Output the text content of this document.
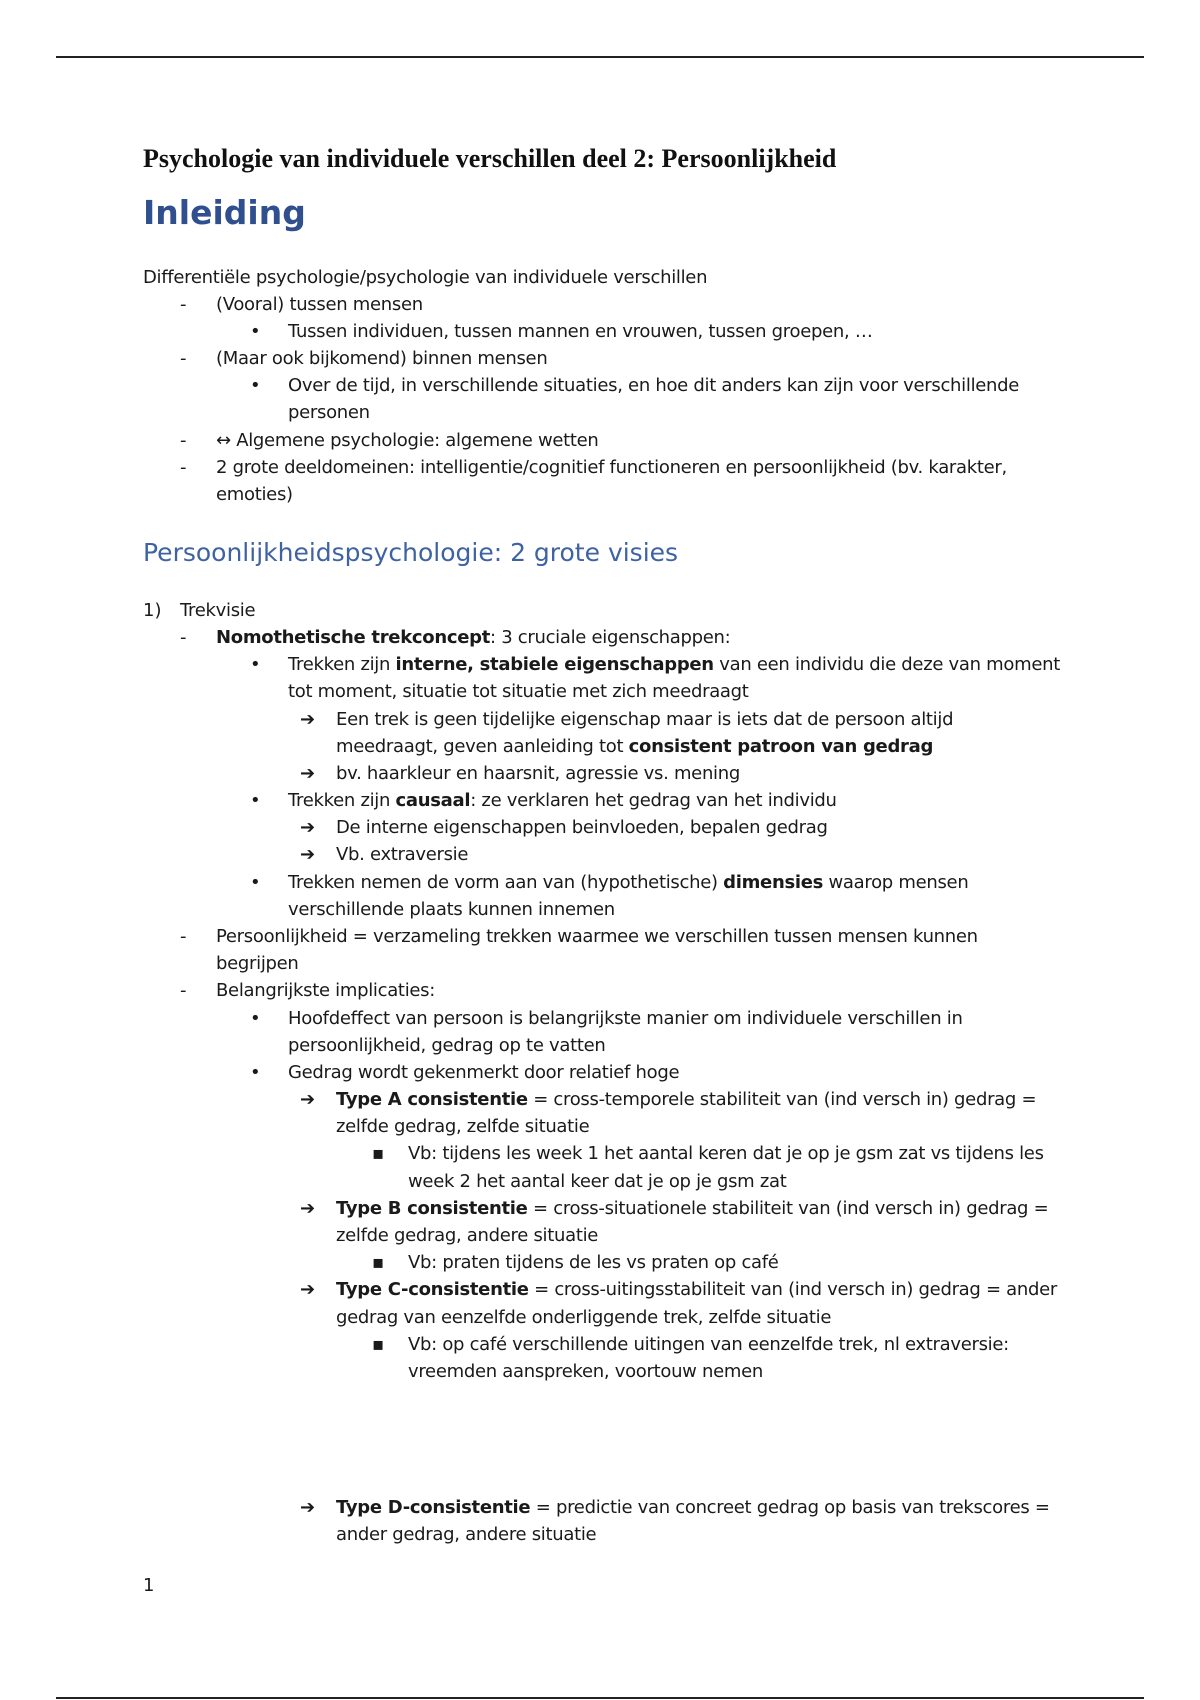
Psychologie van individuele verschillen deel 2: Persoonlijkheid
Inleiding
Differentiële psychologie/psychologie van individuele verschillen
- (Vooral) tussen mensen
• Tussen individuen, tussen mannen en vrouwen, tussen groepen, …
- (Maar ook bijkomend) binnen mensen
• Over de tijd, in verschillende situaties, en hoe dit anders kan zijn voor verschillende
personen
- ↔ Algemene psychologie: algemene wetten
- 2 grote deeldomeinen: intelligentie/cognitief functioneren en persoonlijkheid (bv. karakter,
emoties)
Persoonlijkheidspsychologie: 2 grote visies
1) Trekvisie
- Nomothetische trekconcept: 3 cruciale eigenschappen:
• Trekken zijn interne, stabiele eigenschappen van een individu die deze van moment
tot moment, situatie tot situatie met zich meedraagt
➔ Een trek is geen tijdelijke eigenschap maar is iets dat de persoon altijd
meedraagt, geven aanleiding tot consistent patroon van gedrag
➔ bv. haarkleur en haarsnit, agressie vs. mening
• Trekken zijn causaal: ze verklaren het gedrag van het individu
➔ De interne eigenschappen beinvloeden, bepalen gedrag
➔ Vb. extraversie
• Trekken nemen de vorm aan van (hypothetische) dimensies waarop mensen
verschillende plaats kunnen innemen
- Persoonlijkheid = verzameling trekken waarmee we verschillen tussen mensen kunnen
begrijpen
- Belangrijkste implicaties:
• Hoofdeffect van persoon is belangrijkste manier om individuele verschillen in
persoonlijkheid, gedrag op te vatten
• Gedrag wordt gekenmerkt door relatief hoge
➔ Type A consistentie = cross-temporele stabiliteit van (ind versch in) gedrag =
zelfde gedrag, zelfde situatie
▪ Vb: tijdens les week 1 het aantal keren dat je op je gsm zat vs tijdens les
week 2 het aantal keer dat je op je gsm zat
➔ Type B consistentie = cross-situationele stabiliteit van (ind versch in) gedrag =
zelfde gedrag, andere situatie
▪ Vb: praten tijdens de les vs praten op café
➔ Type C-consistentie = cross-uitingsstabiliteit van (ind versch in) gedrag = ander
gedrag van eenzelfde onderliggende trek, zelfde situatie
▪ Vb: op café verschillende uitingen van eenzelfde trek, nl extraversie:
vreemden aanspreken, voortouw nemen
➔ Type D-consistentie = predictie van concreet gedrag op basis van trekscores =
ander gedrag, andere situatie
1
